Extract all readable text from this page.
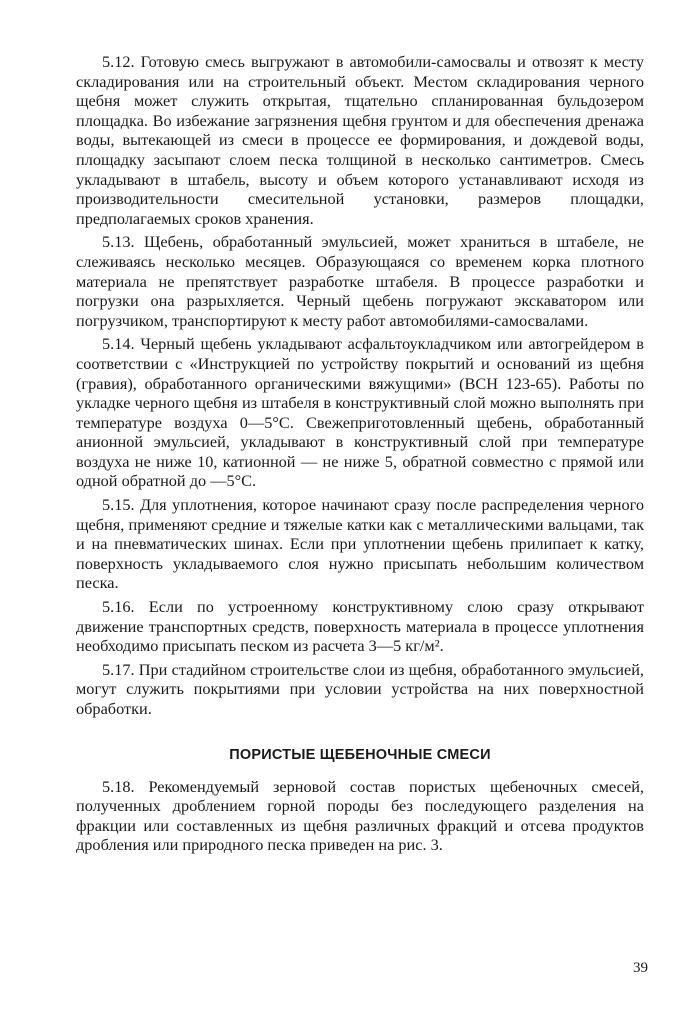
5.12. Готовую смесь выгружают в автомобили-самосвалы и отвозят к месту складирования или на строительный объект. Местом складирования черного щебня может служить открытая, тщательно спланированная бульдозером площадка. Во избежание загрязнения щебня грунтом и для обеспечения дренажа воды, вытекающей из смеси в процессе ее формирования, и дождевой воды, площадку засыпают слоем песка толщиной в несколько сантиметров. Смесь укладывают в штабель, высоту и объем которого устанавливают исходя из производительности смесительной установки, размеров площадки, предполагаемых сроков хранения.

5.13. Щебень, обработанный эмульсией, может храниться в штабеле, не слеживаясь несколько месяцев. Образующаяся со временем корка плотного материала не препятствует разработке штабеля. В процессе разработки и погрузки она разрыхляется. Черный щебень погружают экскаватором или погрузчиком, транспортируют к месту работ автомобилями-самосвалами.

5.14. Черный щебень укладывают асфальтоукладчиком или автогрейдером в соответствии с «Инструкцией по устройству покрытий и оснований из щебня (гравия), обработанного органическими вяжущими» (ВСН 123-65). Работы по укладке черного щебня из штабеля в конструктивный слой можно выполнять при температуре воздуха 0—5°С. Свежеприготовленный щебень, обработанный анионной эмульсией, укладывают в конструктивный слой при температуре воздуха не ниже 10, катионной — не ниже 5, обратной совместно с прямой или одной обратной до —5°С.

5.15. Для уплотнения, которое начинают сразу после распределения черного щебня, применяют средние и тяжелые катки как с металлическими вальцами, так и на пневматических шинах. Если при уплотнении щебень прилипает к катку, поверхность укладываемого слоя нужно присыпать небольшим количеством песка.

5.16. Если по устроенному конструктивному слою сразу открывают движение транспортных средств, поверхность материала в процессе уплотнения необходимо присыпать песком из расчета 3—5 кг/м².

5.17. При стадийном строительстве слои из щебня, обработанного эмульсией, могут служить покрытиями при условии устройства на них поверхностной обработки.

ПОРИСТЫЕ ЩЕБЕНОЧНЫЕ СМЕСИ

5.18. Рекомендуемый зерновой состав пористых щебеночных смесей, полученных дроблением горной породы без последующего разделения на фракции или составленных из щебня различных фракций и отсева продуктов дробления или природного песка приведен на рис. 3.

39
